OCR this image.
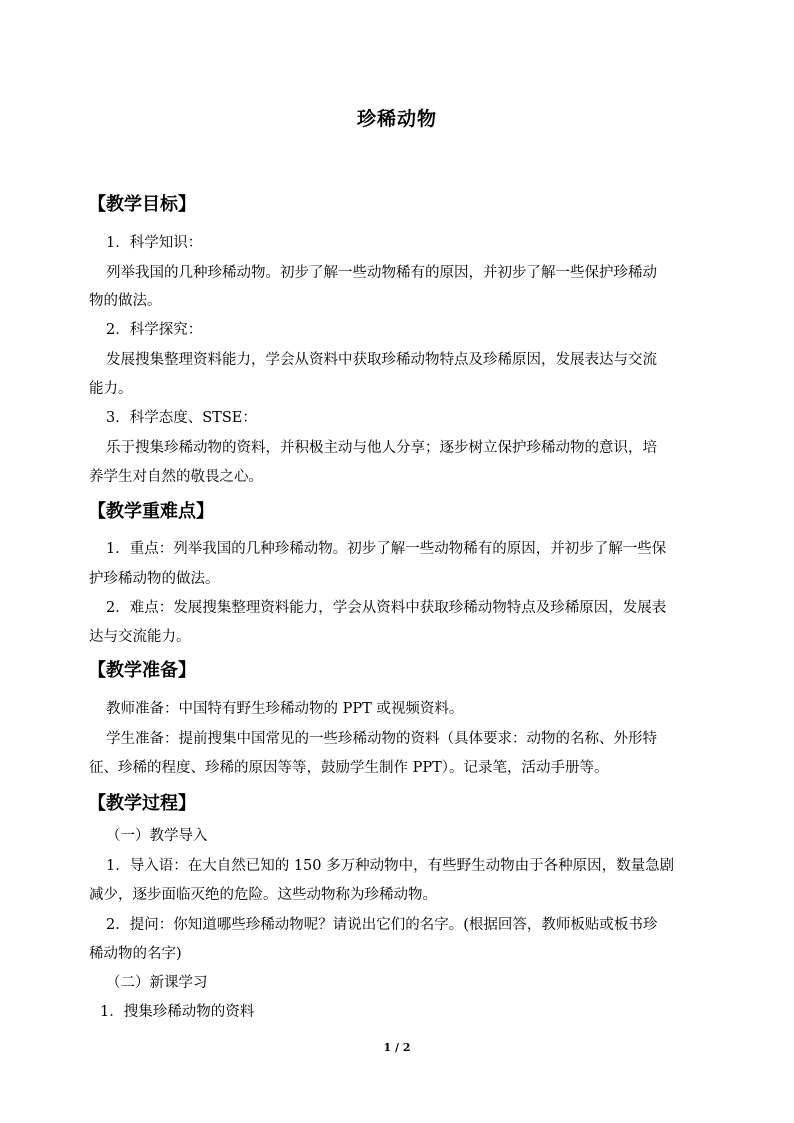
珍稀动物
【教学目标】
1．科学知识：
列举我国的几种珍稀动物。初步了解一些动物稀有的原因，并初步了解一些保护珍稀动
物的做法。
2．科学探究：
发展搜集整理资料能力，学会从资料中获取珍稀动物特点及珍稀原因，发展表达与交流
能力。
3．科学态度、STSE：
乐于搜集珍稀动物的资料，并积极主动与他人分享；逐步树立保护珍稀动物的意识，培
养学生对自然的敬畏之心。
【教学重难点】
1．重点：列举我国的几种珍稀动物。初步了解一些动物稀有的原因，并初步了解一些保
护珍稀动物的做法。
2．难点：发展搜集整理资料能力，学会从资料中获取珍稀动物特点及珍稀原因，发展表
达与交流能力。
【教学准备】
教师准备：中国特有野生珍稀动物的 PPT 或视频资料。
学生准备：提前搜集中国常见的一些珍稀动物的资料（具体要求：动物的名称、外形特
征、珍稀的程度、珍稀的原因等等，鼓励学生制作 PPT）。记录笔，活动手册等。
【教学过程】
（一）教学导入
1．导入语：在大自然已知的 150 多万种动物中，有些野生动物由于各种原因，数量急剧
减少，逐步面临灭绝的危险。这些动物称为珍稀动物。
2．提问：你知道哪些珍稀动物呢？请说出它们的名字。(根据回答，教师板贴或板书珍
稀动物的名字)
（二）新课学习
1．搜集珍稀动物的资料
1 / 2
